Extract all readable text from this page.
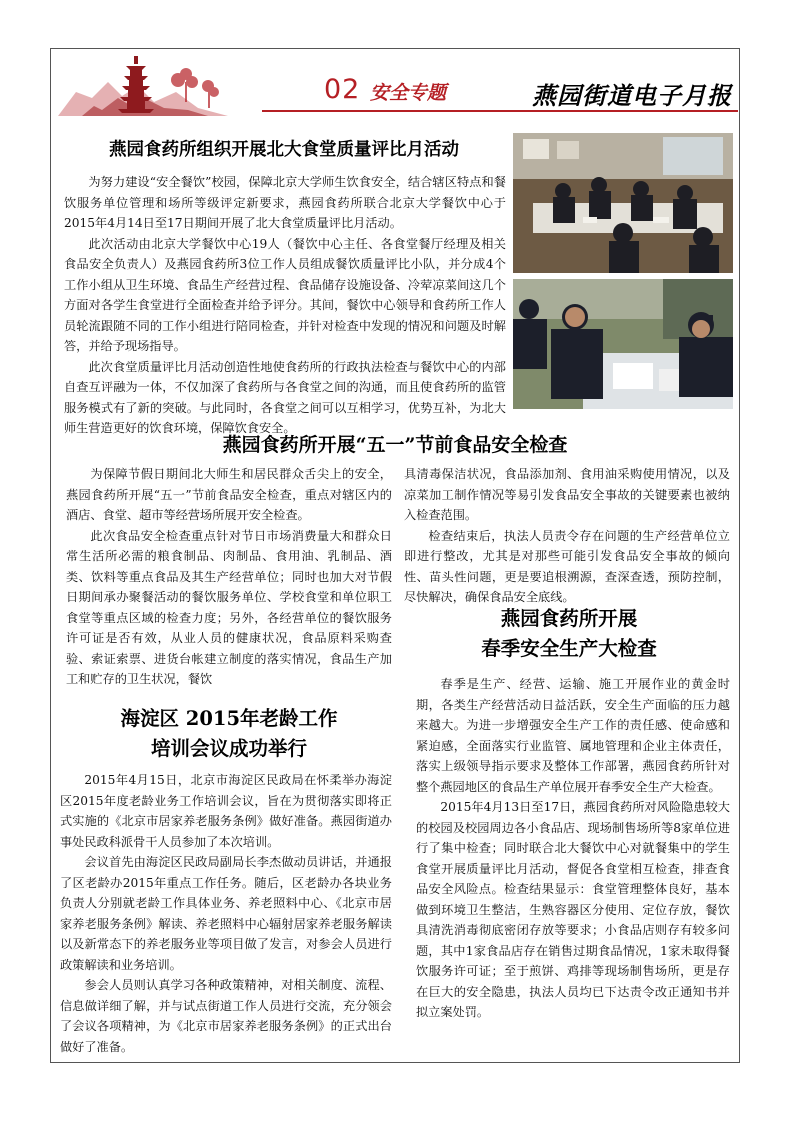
02 安全专题	燕园街道电子月报
燕园食药所组织开展北大食堂质量评比月活动

为努力建设“安全餐饮”校园，保障北京大学师生饮食安全，结合辖区特点和餐饮服务单位管理和场所等级评定新要求，燕园食药所联合北京大学餐饮中心于2015年4月14日至17日期间开展了北大食堂质量评比月活动。

此次活动由北京大学餐饮中心19人（餐饮中心主任、各食堂餐厅经理及相关食品安全负责人）及燕园食药所3位工作人员组成餐饮质量评比小队，并分成4个工作小组从卫生环境、食品生产经营过程、食品储存设施设备、冷荤凉菜间这几个方面对各学生食堂进行全面检查并给予评分。其间，餐饮中心领导和食药所工作人员轮流跟随不同的工作小组进行陪同检查，并针对检查中发现的情况和问题及时解答，并给予现场指导。

此次食堂质量评比月活动创造性地使食药所的行政执法检查与餐饮中心的内部自查互评融为一体，不仅加深了食药所与各食堂之间的沟通，而且使食药所的监管服务模式有了新的突破。与此同时，各食堂之间可以互相学习，优势互补，为北大师生营造更好的饮食环境，保障饮食安全。

燕园食药所开展“五一”节前食品安全检查

为保障节假日期间北大师生和居民群众舌尖上的安全，燕园食药所开展“五一”节前食品安全检查，重点对辖区内的酒店、食堂、超市等经营场所展开安全检查。

此次食品安全检查重点针对节日市场消费量大和群众日常生活所必需的粮食制品、肉制品、食用油、乳制品、酒类、饮料等重点食品及其生产经营单位；同时也加大对节假日期间承办聚餐活动的餐饮服务单位、学校食堂和单位职工食堂等重点区域的检查力度；另外，各经营单位的餐饮服务许可证是否有效，从业人员的健康状况，食品原料采购查验、索证索票、进货台帐建立制度的落实情况，食品生产加工和贮存的卫生状况，餐饮

具清毒保洁状况，食品添加剂、食用油采购使用情况，以及凉菜加工制作情况等易引发食品安全事故的关键要素也被纳入检查范围。

检查结束后，执法人员责令存在问题的生产经营单位立即进行整改，尤其是对那些可能引发食品安全事故的倾向性、苗头性问题，更是要追根溯源，查深查透，预防控制，尽快解决，确保食品安全底线。

海淀区 2015年老龄工作
培训会议成功举行

2015年4月15日，北京市海淀区民政局在怀柔举办海淀区2015年度老龄业务工作培训会议，旨在为贯彻落实即将正式实施的《北京市居家养老服务条例》做好准备。燕园街道办事处民政科派骨干人员参加了本次培训。

会议首先由海淀区民政局副局长李杰做动员讲话，并通报了区老龄办2015年重点工作任务。随后，区老龄办各块业务负责人分别就老龄工作具体业务、养老照料中心、《北京市居家养老服务条例》解读、养老照料中心辐射居家养老服务解读以及新常态下的养老服务业等项目做了发言，对参会人员进行政策解读和业务培训。

参会人员则认真学习各种政策精神，对相关制度、流程、信息做详细了解，并与试点街道工作人员进行交流，充分领会了会议各项精神，为《北京市居家养老服务条例》的正式出台做好了准备。

燕园食药所开展
春季安全生产大检查

春季是生产、经营、运输、施工开展作业的黄金时期，各类生产经营活动日益活跃，安全生产面临的压力越来越大。为进一步增强安全生产工作的责任感、使命感和紧迫感，全面落实行业监管、属地管理和企业主体责任，落实上级领导指示要求及整体工作部署，燕园食药所针对整个燕园地区的食品生产单位展开春季安全生产大检查。

2015年4月13日至17日，燕园食药所对风险隐患较大的校园及校园周边各小食品店、现场制售场所等8家单位进行了集中检查；同时联合北大餐饮中心对就餐集中的学生食堂开展质量评比月活动，督促各食堂相互检查，排查食品安全风险点。检查结果显示：食堂管理整体良好，基本做到环境卫生整洁，生熟容器区分使用、定位存放，餐饮具清洗消毒彻底密闭存放等要求；小食品店则存有较多问题，其中1家食品店存在销售过期食品情况，1家未取得餐饮服务许可证；至于煎饼、鸡排等现场制售场所，更是存在巨大的安全隐患，执法人员均已下达责令改正通知书并拟立案处罚。
